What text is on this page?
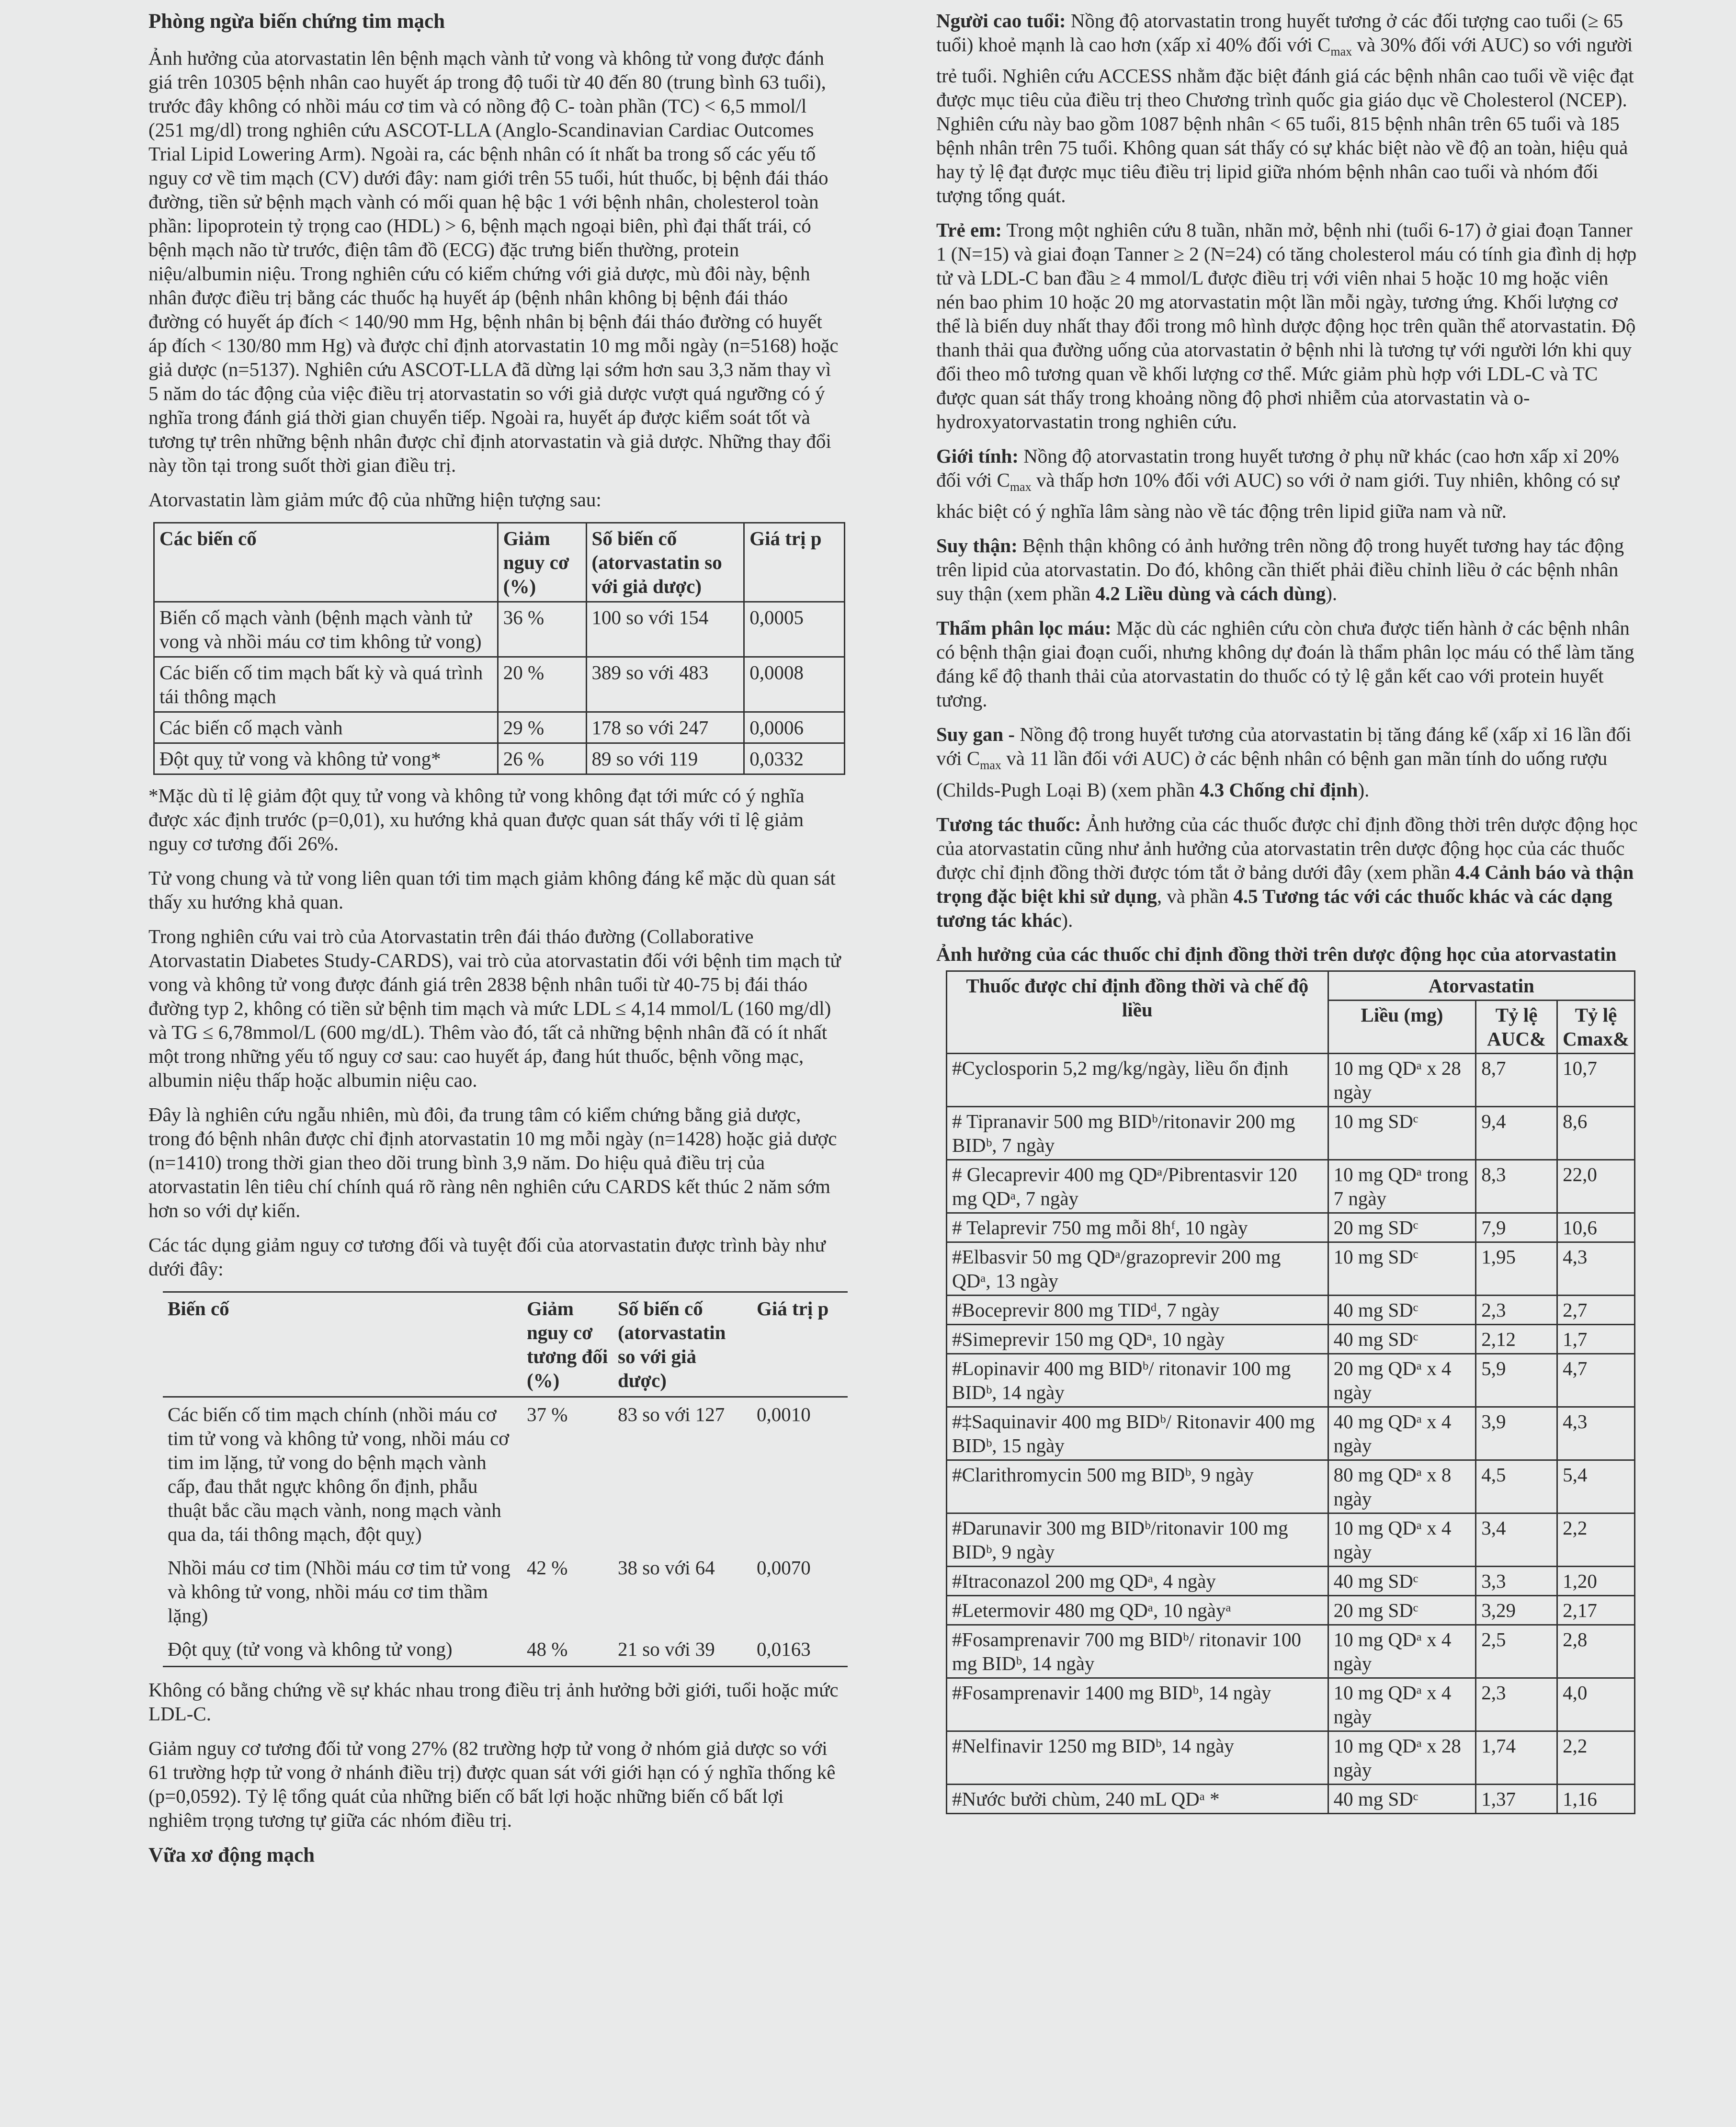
Phòng ngừa biến chứng tim mạch

Ảnh hưởng của atorvastatin lên bệnh mạch vành tử vong và không tử vong được đánh giá trên 10305 bệnh nhân cao huyết áp trong độ tuổi từ 40 đến 80 (trung bình 63 tuổi), trước đây không có nhồi máu cơ tim và có nồng độ C- toàn phần (TC) < 6,5 mmol/l (251 mg/dl) trong nghiên cứu ASCOT-LLA (Anglo-Scandinavian Cardiac Outcomes Trial Lipid Lowering Arm). Ngoài ra, các bệnh nhân có ít nhất ba trong số các yếu tố nguy cơ về tim mạch (CV) dưới đây: nam giới trên 55 tuổi, hút thuốc, bị bệnh đái tháo đường, tiền sử bệnh mạch vành có mối quan hệ bậc 1 với bệnh nhân, cholesterol toàn phần: lipoprotein tỷ trọng cao (HDL) > 6, bệnh mạch ngoại biên, phì đại thất trái, có bệnh mạch não từ trước, điện tâm đồ (ECG) đặc trưng biến thường, protein niệu/albumin niệu. Trong nghiên cứu có kiểm chứng với giả dược, mù đôi này, bệnh nhân được điều trị bằng các thuốc hạ huyết áp (bệnh nhân không bị bệnh đái tháo đường có huyết áp đích < 140/90 mm Hg, bệnh nhân bị bệnh đái tháo đường có huyết áp đích < 130/80 mm Hg) và được chỉ định atorvastatin 10 mg mỗi ngày (n=5168) hoặc giả dược (n=5137). Nghiên cứu ASCOT-LLA đã dừng lại sớm hơn sau 3,3 năm thay vì 5 năm do tác động của việc điều trị atorvastatin so với giả dược vượt quá ngưỡng có ý nghĩa trong đánh giá thời gian chuyển tiếp. Ngoài ra, huyết áp được kiểm soát tốt và tương tự trên những bệnh nhân được chỉ định atorvastatin và giả dược. Những thay đổi này tồn tại trong suốt thời gian điều trị.

Atorvastatin làm giảm mức độ của những hiện tượng sau:

Các biến cố	Giảm nguy cơ (%)	Số biến cố (atorvastatin so với giả dược)	Giá trị p
Biến cố mạch vành (bệnh mạch vành tử vong và nhồi máu cơ tim không tử vong)	36 %	100 so với 154	0,0005
Các biến cố tim mạch bất kỳ và quá trình tái thông mạch	20 %	389 so với 483	0,0008
Các biến cố mạch vành	29 %	178 so với 247	0,0006
Đột quỵ tử vong và không tử vong*	26 %	89 so với 119	0,0332

*Mặc dù tỉ lệ giảm đột quỵ tử vong và không tử vong không đạt tới mức có ý nghĩa được xác định trước (p=0,01), xu hướng khả quan được quan sát thấy với tỉ lệ giảm nguy cơ tương đối 26%.

Tử vong chung và tử vong liên quan tới tim mạch giảm không đáng kể mặc dù quan sát thấy xu hướng khả quan.

Trong nghiên cứu vai trò của Atorvastatin trên đái tháo đường (Collaborative Atorvastatin Diabetes Study-CARDS), vai trò của atorvastatin đối với bệnh tim mạch tử vong và không tử vong được đánh giá trên 2838 bệnh nhân tuổi từ 40-75 bị đái tháo đường typ 2, không có tiền sử bệnh tim mạch và mức LDL ≤ 4,14 mmol/L (160 mg/dl) và TG ≤ 6,78mmol/L (600 mg/dL). Thêm vào đó, tất cả những bệnh nhân đã có ít nhất một trong những yếu tố nguy cơ sau: cao huyết áp, đang hút thuốc, bệnh võng mạc, albumin niệu thấp hoặc albumin niệu cao.

Đây là nghiên cứu ngẫu nhiên, mù đôi, đa trung tâm có kiểm chứng bằng giả dược, trong đó bệnh nhân được chỉ định atorvastatin 10 mg mỗi ngày (n=1428) hoặc giả dược (n=1410) trong thời gian theo dõi trung bình 3,9 năm. Do hiệu quả điều trị của atorvastatin lên tiêu chí chính quá rõ ràng nên nghiên cứu CARDS kết thúc 2 năm sớm hơn so với dự kiến.

Các tác dụng giảm nguy cơ tương đối và tuyệt đối của atorvastatin được trình bày như dưới đây:

Biến cố	Giảm nguy cơ tương đối (%)	Số biến cố (atorvastatin so với giả dược)	Giá trị p
Các biến cố tim mạch chính (nhồi máu cơ tim tử vong và không tử vong, nhồi máu cơ tim im lặng, tử vong do bệnh mạch vành cấp, đau thắt ngực không ổn định, phẫu thuật bắc cầu mạch vành, nong mạch vành qua da, tái thông mạch, đột quỵ)	37 %	83 so với 127	0,0010
Nhồi máu cơ tim (Nhồi máu cơ tim tử vong và không tử vong, nhồi máu cơ tim thầm lặng)	42 %	38 so với 64	0,0070
Đột quỵ (tử vong và không tử vong)	48 %	21 so với 39	0,0163

Không có bằng chứng về sự khác nhau trong điều trị ảnh hưởng bởi giới, tuổi hoặc mức LDL-C.

Giảm nguy cơ tương đối tử vong 27% (82 trường hợp tử vong ở nhóm giả dược so với 61 trường hợp tử vong ở nhánh điều trị) được quan sát với giới hạn có ý nghĩa thống kê (p=0,0592). Tỷ lệ tổng quát của những biến cố bất lợi hoặc những biến cố bất lợi nghiêm trọng tương tự giữa các nhóm điều trị.

Vữa xơ động mạch

Người cao tuổi: Nồng độ atorvastatin trong huyết tương ở các đối tượng cao tuổi (≥ 65 tuổi) khoẻ mạnh là cao hơn (xấp xỉ 40% đối với $C_{max}$ và 30% đối với AUC) so với người trẻ tuổi. Nghiên cứu ACCESS nhằm đặc biệt đánh giá các bệnh nhân cao tuổi về việc đạt được mục tiêu của điều trị theo Chương trình quốc gia giáo dục về Cholesterol (NCEP). Nghiên cứu này bao gồm 1087 bệnh nhân < 65 tuổi, 815 bệnh nhân trên 65 tuổi và 185 bệnh nhân trên 75 tuổi. Không quan sát thấy có sự khác biệt nào về độ an toàn, hiệu quả hay tỷ lệ đạt được mục tiêu điều trị lipid giữa nhóm bệnh nhân cao tuổi và nhóm đối tượng tổng quát.

Trẻ em: Trong một nghiên cứu 8 tuần, nhãn mở, bệnh nhi (tuổi 6-17) ở giai đoạn Tanner 1 (N=15) và giai đoạn Tanner ≥ 2 (N=24) có tăng cholesterol máu có tính gia đình dị hợp tử và LDL-C ban đầu ≥ 4 mmol/L được điều trị với viên nhai 5 hoặc 10 mg hoặc viên nén bao phim 10 hoặc 20 mg atorvastatin một lần mỗi ngày, tương ứng. Khối lượng cơ thể là biến duy nhất thay đổi trong mô hình dược động học trên quần thể atorvastatin. Độ thanh thải qua đường uống của atorvastatin ở bệnh nhi là tương tự với người lớn khi quy đổi theo mô tương quan về khối lượng cơ thể. Mức giảm phù hợp với LDL-C và TC được quan sát thấy trong khoảng nồng độ phơi nhiễm của atorvastatin và o-hydroxyatorvastatin trong nghiên cứu.

Giới tính: Nồng độ atorvastatin trong huyết tương ở phụ nữ khác (cao hơn xấp xỉ 20% đối với $C_{max}$ và thấp hơn 10% đối với AUC) so với ở nam giới. Tuy nhiên, không có sự khác biệt có ý nghĩa lâm sàng nào về tác động trên lipid giữa nam và nữ.

Suy thận: Bệnh thận không có ảnh hưởng trên nồng độ trong huyết tương hay tác động trên lipid của atorvastatin. Do đó, không cần thiết phải điều chỉnh liều ở các bệnh nhân suy thận (xem phần 4.2 Liều dùng và cách dùng).

Thẩm phân lọc máu: Mặc dù các nghiên cứu còn chưa được tiến hành ở các bệnh nhân có bệnh thận giai đoạn cuối, nhưng không dự đoán là thẩm phân lọc máu có thể làm tăng đáng kể độ thanh thải của atorvastatin do thuốc có tỷ lệ gắn kết cao với protein huyết tương.

Suy gan - Nồng độ trong huyết tương của atorvastatin bị tăng đáng kể (xấp xỉ 16 lần đối với $C_{max}$ và 11 lần đối với AUC) ở các bệnh nhân có bệnh gan mãn tính do uống rượu (Childs-Pugh Loại B) (xem phần 4.3 Chống chỉ định).

Tương tác thuốc: Ảnh hưởng của các thuốc được chỉ định đồng thời trên dược động học của atorvastatin cũng như ảnh hưởng của atorvastatin trên dược động học của các thuốc được chỉ định đồng thời được tóm tắt ở bảng dưới đây (xem phần 4.4 Cảnh báo và thận trọng đặc biệt khi sử dụng, và phần 4.5 Tương tác với các thuốc khác và các dạng tương tác khác).

Ảnh hưởng của các thuốc chỉ định đồng thời trên dược động học của atorvastatin
Thuốc được chỉ định đồng thời và chế độ liều	Atorvastatin		
	Liều (mg)	Tỷ lệ AUC&	Tỷ lệ Cmax&
#Cyclosporin 5,2 mg/kg/ngày, liều ổn định	10 mg QDᵃ x 28 ngày	8,7	10,7
# Tipranavir 500 mg BIDᵇ/ritonavir 200 mg BIDᵇ, 7 ngày	10 mg SDᶜ	9,4	8,6
# Glecaprevir 400 mg QDᵃ/Pibrentasvir 120 mg QDᵃ, 7 ngày	10 mg QDᵃ trong 7 ngày	8,3	22,0
# Telaprevir 750 mg mỗi 8hᶠ, 10 ngày	20 mg SDᶜ	7,9	10,6
#Elbasvir 50 mg QDᵃ/grazoprevir 200 mg QDᵃ, 13 ngày	10 mg SDᶜ	1,95	4,3
#Boceprevir 800 mg TIDᵈ, 7 ngày	40 mg SDᶜ	2,3	2,7
#Simeprevir 150 mg QDᵃ, 10 ngày	40 mg SDᶜ	2,12	1,7
#Lopinavir 400 mg BIDᵇ/ ritonavir 100 mg BIDᵇ, 14 ngày	20 mg QDᵃ x 4 ngày	5,9	4,7
#‡Saquinavir 400 mg BIDᵇ/ Ritonavir 400 mg BIDᵇ, 15 ngày	40 mg QDᵃ x 4 ngày	3,9	4,3
#Clarithromycin 500 mg BIDᵇ, 9 ngày	80 mg QDᵃ x 8 ngày	4,5	5,4
#Darunavir 300 mg BIDᵇ/ritonavir 100 mg BIDᵇ, 9 ngày	10 mg QDᵃ x 4 ngày	3,4	2,2
#Itraconazol 200 mg QDᵃ, 4 ngày	40 mg SDᶜ	3,3	1,20
#Letermovir 480 mg QDᵃ, 10 ngàyᵃ	20 mg SDᶜ	3,29	2,17
#Fosamprenavir 700 mg BIDᵇ/ ritonavir 100 mg BIDᵇ, 14 ngày	10 mg QDᵃ x 4 ngày	2,5	2,8
#Fosamprenavir 1400 mg BIDᵇ, 14 ngày	10 mg QDᵃ x 4 ngày	2,3	4,0
#Nelfinavir 1250 mg BIDᵇ, 14 ngày	10 mg QDᵃ x 28 ngày	1,74	2,2
#Nước bưởi chùm, 240 mL QDᵃ *	40 mg SDᶜ	1,37	1,16
